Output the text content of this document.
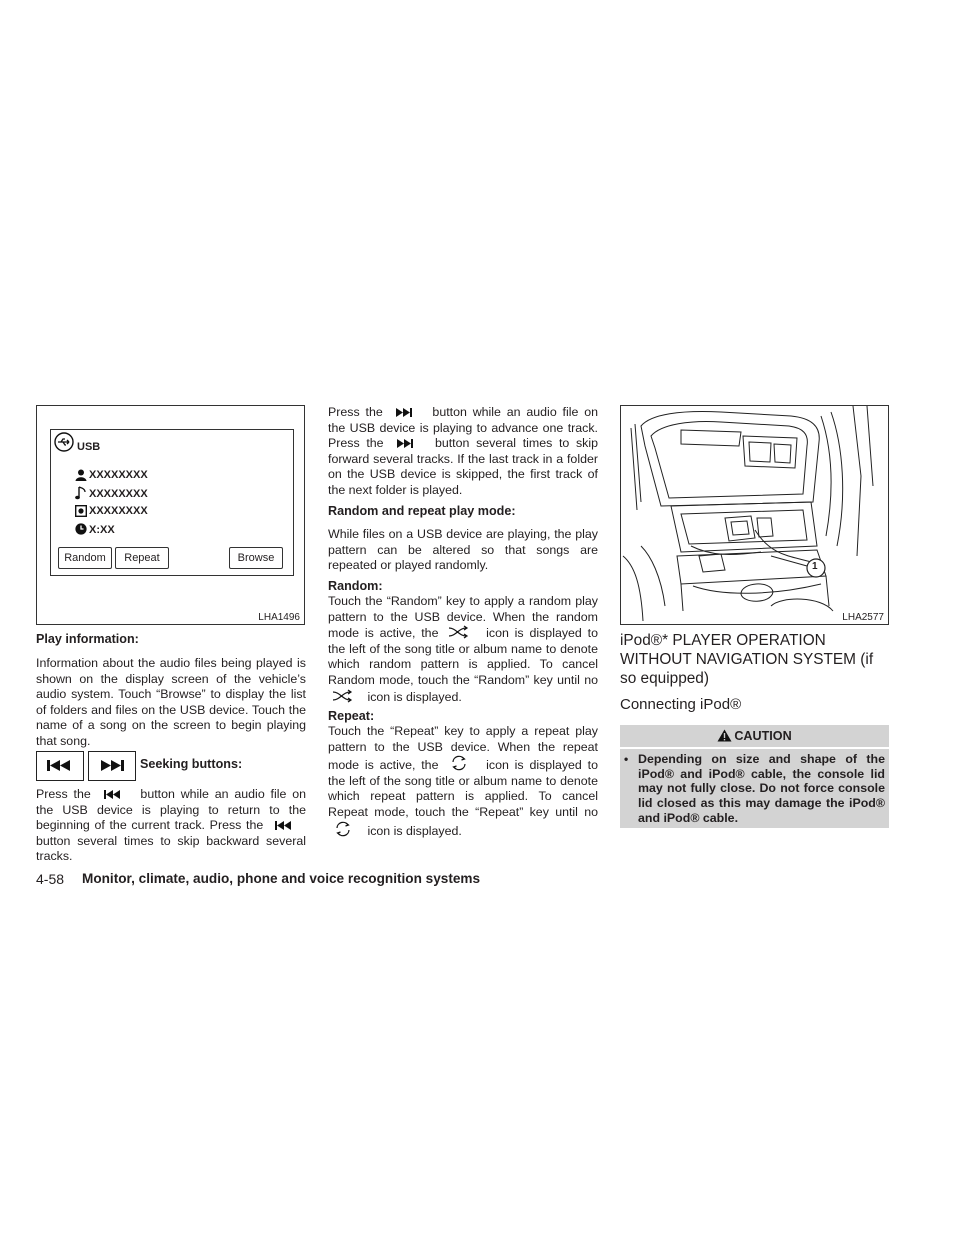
USB
XXXXXXXX
XXXXXXXX
XXXXXXXX
X:XX
Random	Repeat	Browse
LHA1496
Play information:
Information about the audio files being played is shown on the display screen of the vehicle’s audio system. Touch “Browse” to display the list of folders and files on the USB device. Touch the name of a song on the screen to begin playing that song.
Seeking buttons:
Press the	button while an audio file on the USB device is playing to return to the beginning of the current track. Press the
button several times to skip backward several tracks.
Press the	button while an audio file on the USB device is playing to advance one track. Press the	button several times to skip forward several tracks. If the last track in a folder on the USB device is skipped, the first track of the next folder is played.
Random and repeat play mode:
While files on a USB device are playing, the play pattern can be altered so that songs are repeated or played randomly.
Random:
Touch the “Random” key to apply a random play pattern to the USB device. When the random mode is active, the	icon is displayed to the left of the song title or album name to denote which random pattern is applied. To cancel Random mode, touch the “Random” key until no
icon is displayed.
Repeat:
Touch the “Repeat” key to apply a repeat play pattern to the USB device. When the repeat mode is active, the	icon is displayed to the left of the song title or album name to denote which repeat pattern is applied. To cancel Repeat mode, touch the “Repeat” key until no
icon is displayed.
1
LHA2577
iPod®* PLAYER OPERATION WITHOUT NAVIGATION SYSTEM (if so equipped)
Connecting iPod®
CAUTION
• Depending on size and shape of the iPod® and iPod® cable, the console lid may not fully close. Do not force console lid closed as this may damage the iPod® and iPod® cable.
4-58 Monitor, climate, audio, phone and voice recognition systems
